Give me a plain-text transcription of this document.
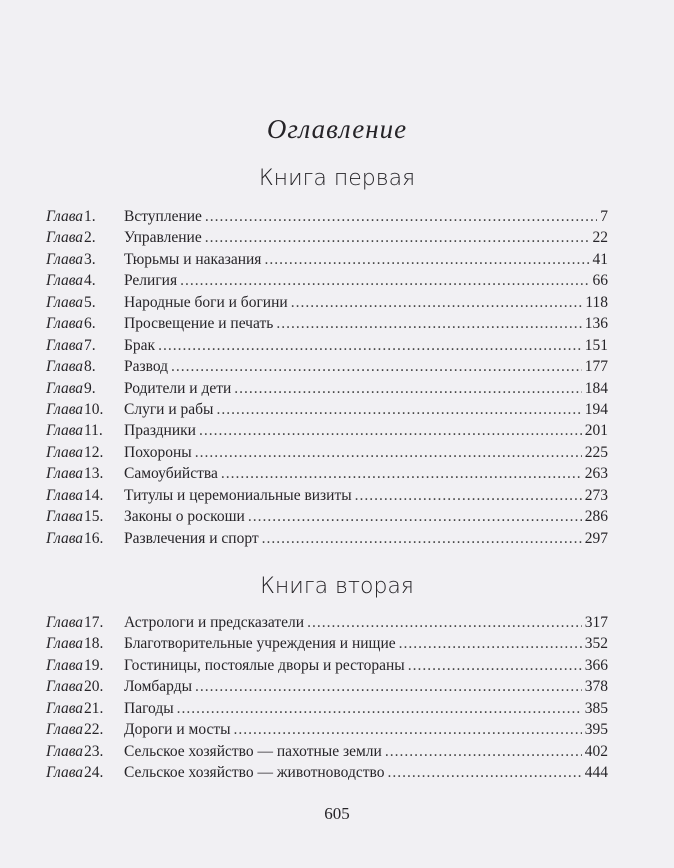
Оглавление
Книга первая
Глава 1.	Вступление .....	7
Глава 2.	Управление .....	22
Глава 3.	Тюрьмы и наказания .....	41
Глава 4.	Религия .....	66
Глава 5.	Народные боги и богини .....	118
Глава 6.	Просвещение и печать .....	136
Глава 7.	Брак .....	151
Глава 8.	Развод .....	177
Глава 9.	Родители и дети .....	184
Глава 10.	Слуги и рабы .....	194
Глава 11.	Праздники .....	201
Глава 12.	Похороны .....	225
Глава 13.	Самоубийства .....	263
Глава 14.	Титулы и церемониальные визиты .....	273
Глава 15.	Законы о роскоши .....	286
Глава 16.	Развлечения и спорт .....	297
Книга вторая
Глава 17.	Астрологи и предсказатели .....	317
Глава 18.	Благотворительные учреждения и нищие .....	352
Глава 19.	Гостиницы, постоялые дворы и рестораны .....	366
Глава 20.	Ломбарды .....	378
Глава 21.	Пагоды .....	385
Глава 22.	Дороги и мосты .....	395
Глава 23.	Сельское хозяйство — пахотные земли .....	402
Глава 24.	Сельское хозяйство — животноводство .....	444
605
